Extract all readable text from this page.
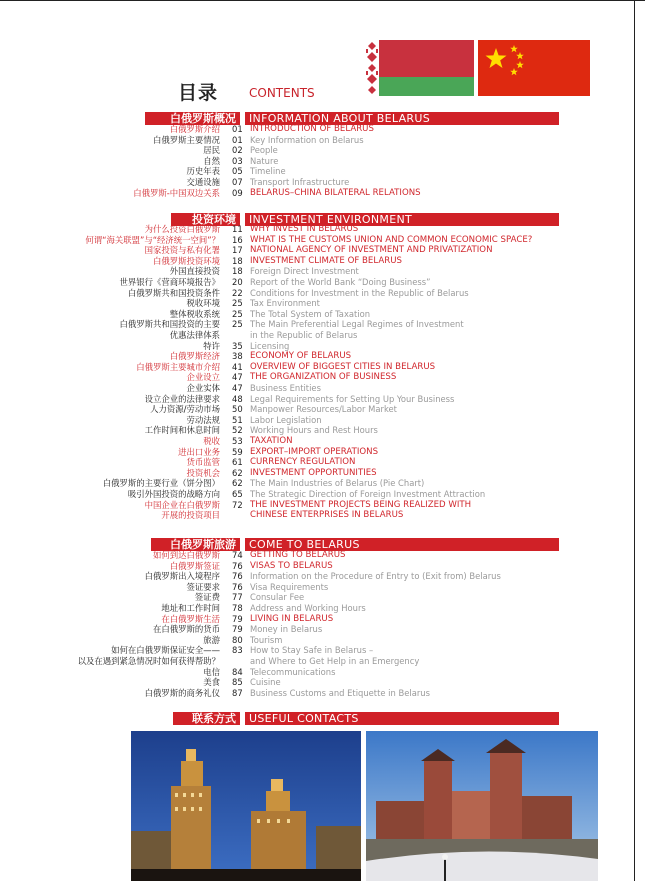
目录	CONTENTS
白俄罗斯概况 INFORMATION ABOUT BELARUS
白俄罗斯介绍 01 INTRODUCTION OF BELARUS
白俄罗斯主要情况 01 Key Information on Belarus
居民 02 People
自然 03 Nature
历史年表 05 Timeline
交通设施 07 Transport Infrastructure
白俄罗斯-中国双边关系 09 BELARUS–CHINA BILATERAL RELATIONS
投资环境 INVESTMENT ENVIRONMENT
为什么投资白俄罗斯 11 WHY INVEST IN BELARUS
何谓“海关联盟”与“经济统一空间”？ 16 WHAT IS THE CUSTOMS UNION AND COMMON ECONOMIC SPACE?
国家投资与私有化署 17 NATIONAL AGENCY OF INVESTMENT AND PRIVATIZATION
白俄罗斯投资环境 18 INVESTMENT CLIMATE OF BELARUS
外国直接投资 18 Foreign Direct Investment
世界银行《营商环境报告》 20 Report of the World Bank “Doing Business”
白俄罗斯共和国投资条件 22 Conditions for Investment in the Republic of Belarus
税收环境 25 Tax Environment
整体税收系统 25 The Total System of Taxation
白俄罗斯共和国投资的主要 25 The Main Preferential Legal Regimes of Investment
优惠法律体系	in the Republic of Belarus
特许 35 Licensing
白俄罗斯经济 38 ECONOMY OF BELARUS
白俄罗斯主要城市介绍 41 OVERVIEW OF BIGGEST CITIES IN BELARUS
企业设立 47 THE ORGANIZATION OF BUSINESS
企业实体 47 Business Entities
设立企业的法律要求 48 Legal Requirements for Setting Up Your Business
人力资源/劳动市场 50 Manpower Resources/Labor Market
劳动法规 51 Labor Legislation
工作时间和休息时间 52 Working Hours and Rest Hours
税收 53 TAXATION
进出口业务 59 EXPORT–IMPORT OPERATIONS
货币监管 61 CURRENCY REGULATION
投资机会 62 INVESTMENT OPPORTUNITIES
白俄罗斯的主要行业（饼分图） 62 The Main Industries of Belarus (Pie Chart)
吸引外国投资的战略方向 65 The Strategic Direction of Foreign Investment Attraction
中国企业在白俄罗斯 72 THE INVESTMENT PROJECTS BEING REALIZED WITH
开展的投资项目	CHINESE ENTERPRISES IN BELARUS
白俄罗斯旅游 COME TO BELARUS
如何到达白俄罗斯 74 GETTING TO BELARUS
白俄罗斯签证 76 VISAS TO BELARUS
白俄罗斯出入境程序 76 Information on the Procedure of Entry to (Exit from) Belarus
签证要求 76 Visa Requirements
签证费 77 Consular Fee
地址和工作时间 78 Address and Working Hours
在白俄罗斯生活 79 LIVING IN BELARUS
在白俄罗斯的货币 79 Money in Belarus
旅游 80 Tourism
如何在白俄罗斯保证安全—— 83 How to Stay Safe in Belarus –
以及在遇到紧急情况时如何获得帮助？	and Where to Get Help in an Emergency
电信 84 Telecommunications
美食 85 Cuisine
白俄罗斯的商务礼仪 87 Business Customs and Etiquette in Belarus
联系方式 USEFUL CONTACTS
